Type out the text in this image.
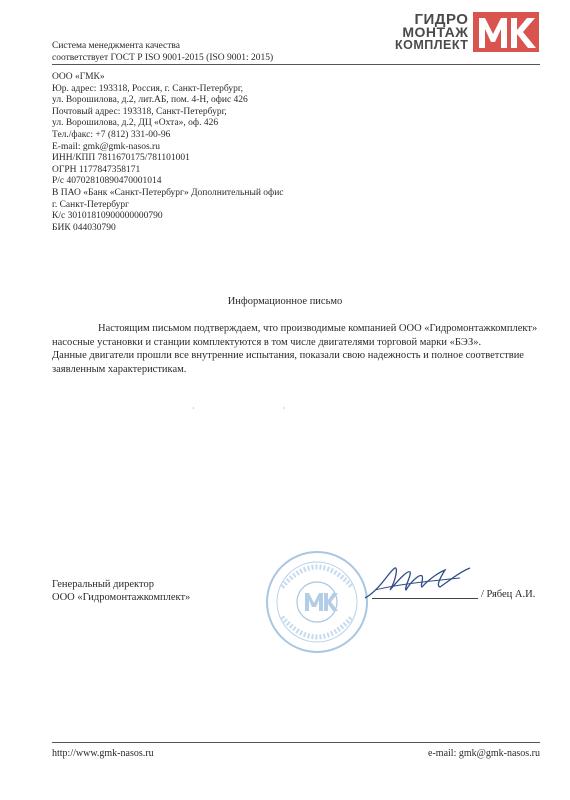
Система менеджмента качества
соответствует ГОСТ Р ISO 9001-2015 (ISO 9001: 2015)
ГИДРО
МОНТАЖ
КОМПЛЕКТ
ООО «ГМК»
Юр. адрес: 193318, Россия, г. Санкт-Петербург,
ул. Ворошилова, д.2, лит.АБ, пом. 4-Н, офис 426
Почтовый адрес: 193318, Санкт-Петербург,
ул. Ворошилова, д.2, ДЦ «Охта», оф. 426
Тел./факс: +7 (812) 331-00-96
E-mail: gmk@gmk-nasos.ru
ИНН/КПП 7811670175/781101001
ОГРН 1177847358171
Р/с 40702810890470001014
В ПАО «Банк «Санкт-Петербург» Дополнительный офис
г. Санкт-Петербург
К/с 30101810900000000790
БИК 044030790
Информационное письмо

Настоящим письмом подтверждаем, что производимые компанией ООО «Гидромонтажкомплект» насосные установки и станции комплектуются в том числе двигателями торговой марки «БЭЗ».

Данные двигатели прошли все внутренние испытания, показали свою надежность и полное соответствие заявленным характеристикам.

·                                            ·
Генеральный директор
ООО «Гидромонтажкомплект»	/ Рябец А.И.
http://www.gmk-nasos.ru	e-mail: gmk@gmk-nasos.ru
